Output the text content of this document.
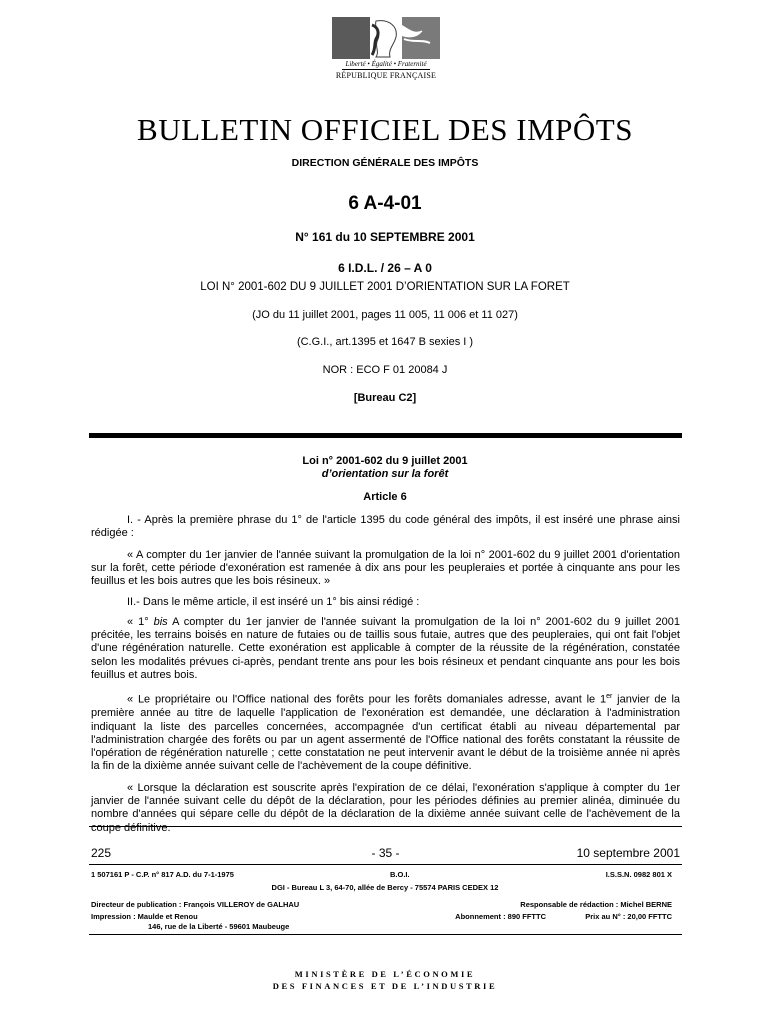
Liberté • Égalité • Fraternité
RÉPUBLIQUE FRANÇAISE
BULLETIN OFFICIEL DES IMPÔTS
DIRECTION GÉNÉRALE DES IMPÔTS
6 A-4-01
N° 161 du 10 SEPTEMBRE 2001
6 I.D.L. / 26 – A 0
LOI N° 2001-602 DU 9 JUILLET 2001 D’ORIENTATION SUR LA FORET
(JO du 11 juillet 2001, pages 11 005, 11 006 et 11 027)
(C.G.I., art.1395 et 1647 B sexies I )
NOR : ECO F 01 20084 J
[Bureau C2]
Loi n° 2001-602 du 9 juillet 2001
d’orientation sur la forêt
Article 6

I. - Après la première phrase du 1° de l'article 1395 du code général des impôts, il est inséré une phrase ainsi rédigée :

« A compter du 1er janvier de l'année suivant la promulgation de la loi n° 2001-602 du 9 juillet 2001 d'orientation sur la forêt, cette période d'exonération est ramenée à dix ans pour les peupleraies et portée à cinquante ans pour les feuillus et les bois autres que les bois résineux. »

II.- Dans le même article, il est inséré un 1° bis ainsi rédigé :

« 1° bis A compter du 1er janvier de l'année suivant la promulgation de la loi n° 2001-602 du 9 juillet 2001 précitée, les terrains boisés en nature de futaies ou de taillis sous futaie, autres que des peupleraies, qui ont fait l'objet d'une régénération naturelle. Cette exonération est applicable à compter de la réussite de la régénération, constatée selon les modalités prévues ci-après, pendant trente ans pour les bois résineux et pendant cinquante ans pour les bois feuillus et autres bois.

« Le propriétaire ou l'Office national des forêts pour les forêts domaniales adresse, avant le 1er janvier de la première année au titre de laquelle l'application de l'exonération est demandée, une déclaration à l'administration indiquant la liste des parcelles concernées, accompagnée d'un certificat établi au niveau départemental par l'administration chargée des forêts ou par un agent assermenté de l'Office national des forêts constatant la réussite de l'opération de régénération naturelle ; cette constatation ne peut intervenir avant le début de la troisième année ni après la fin de la dixième année suivant celle de l'achèvement de la coupe définitive.

« Lorsque la déclaration est souscrite après l'expiration de ce délai, l'exonération s'applique à compter du 1er janvier de l'année suivant celle du dépôt de la déclaration, pour les périodes définies au premier alinéa, diminuée du nombre d'années qui sépare celle du dépôt de la déclaration de la dixième année suivant celle de l'achèvement de la coupe définitive.

225	- 35 -	10 septembre 2001
1 507161 P - C.P. n° 817 A.D. du 7-1-1975	B.O.I.	I.S.S.N. 0982 801 X
DGI - Bureau L 3, 64-70, allée de Bercy - 75574 PARIS CEDEX 12
Directeur de publication : François VILLEROY de GALHAU	Responsable de rédaction : Michel BERNE
Impression : Maulde et Renou	Abonnement : 890 FFTTC	Prix au N° : 20,00 FFTTC
146, rue de la Liberté - 59601 Maubeuge
MINISTÈRE DE L’ÉCONOMIE
DES FINANCES ET DE L’INDUSTRIE
